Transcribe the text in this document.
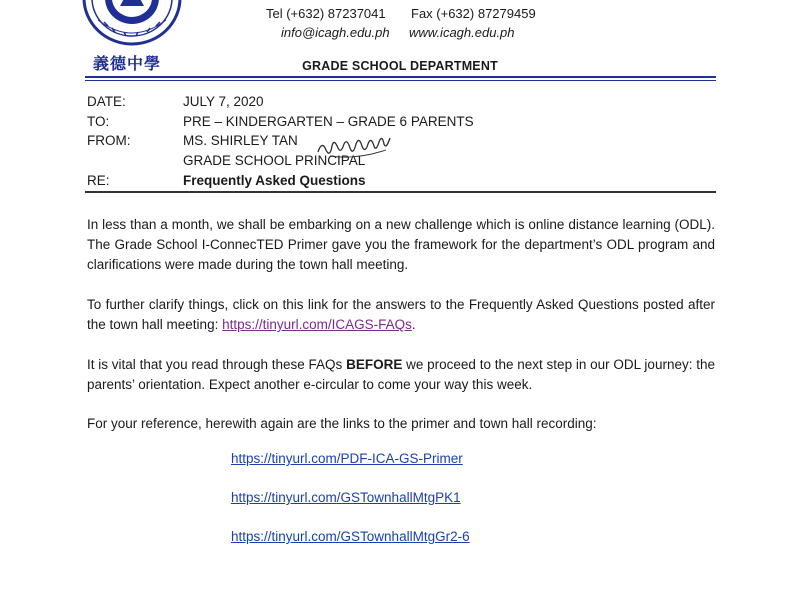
義德中學
Tel (+632) 87237041 Fax (+632) 87279459
info@icagh.edu.ph www.icagh.edu.ph
GRADE SCHOOL DEPARTMENT
DATE:	JULY 7, 2020
TO:	PRE – KINDERGARTEN – GRADE 6 PARENTS
FROM:	MS. SHIRLEY TAN
GRADE SCHOOL PRINCIPAL
RE:	Frequently Asked Questions
In less than a month, we shall be embarking on a new challenge which is online distance learning (ODL). The Grade School I-ConnecTED Primer gave you the framework for the department’s ODL program and clarifications were made during the town hall meeting.
To further clarify things, click on this link for the answers to the Frequently Asked Questions posted after the town hall meeting: https://tinyurl.com/ICAGS-FAQs.
It is vital that you read through these FAQs BEFORE we proceed to the next step in our ODL journey: the parents’ orientation. Expect another e-circular to come your way this week.
For your reference, herewith again are the links to the primer and town hall recording:
https://tinyurl.com/PDF-ICA-GS-Primer
https://tinyurl.com/GSTownhallMtgPK1
https://tinyurl.com/GSTownhallMtgGr2-6
